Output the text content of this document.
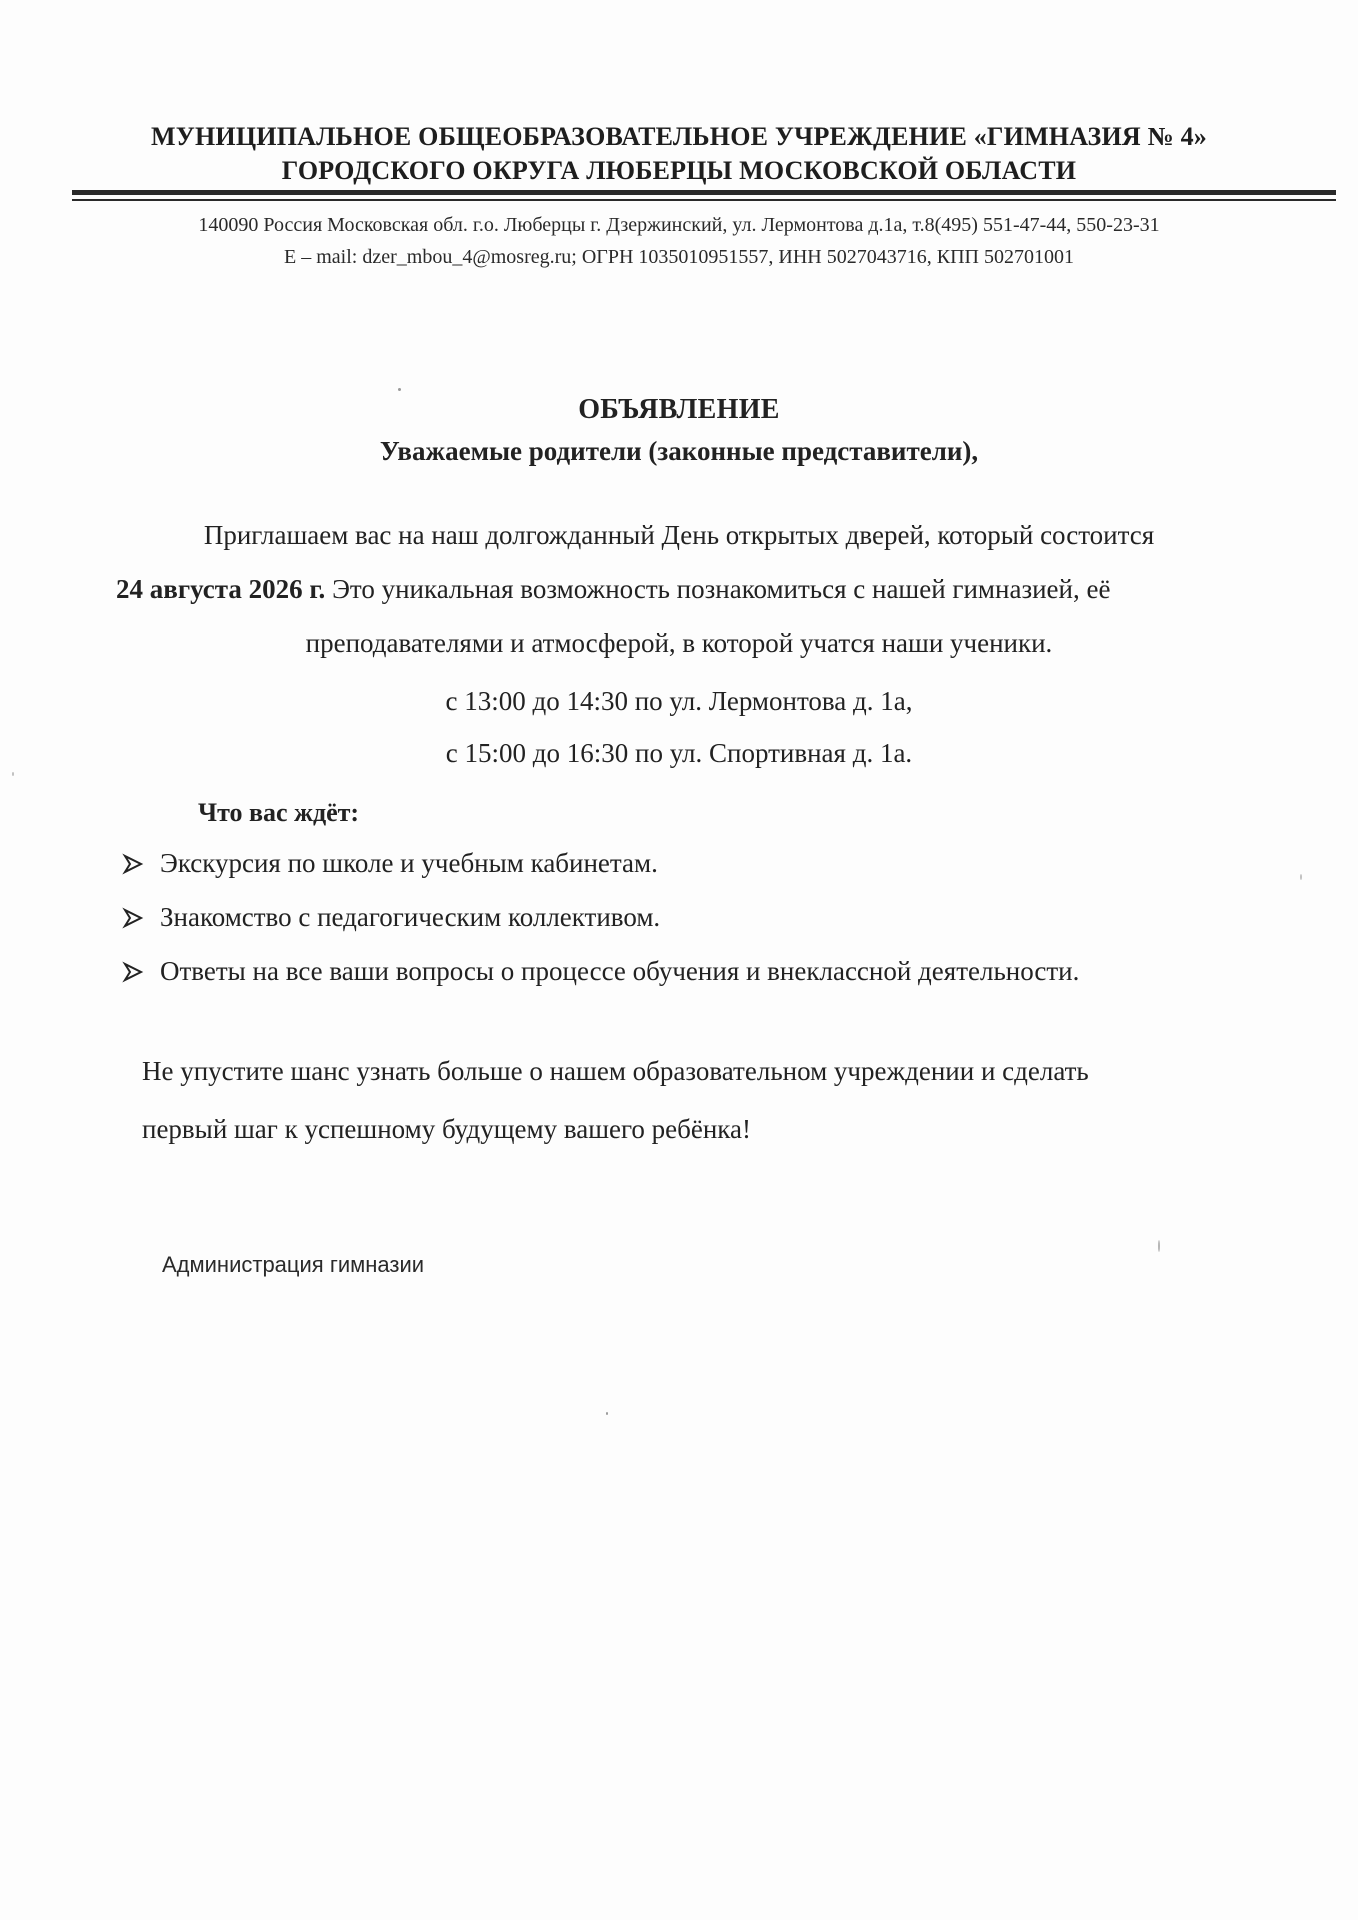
МУНИЦИПАЛЬНОЕ ОБЩЕОБРАЗОВАТЕЛЬНОЕ УЧРЕЖДЕНИЕ «ГИМНАЗИЯ № 4»
ГОРОДСКОГО ОКРУГА ЛЮБЕРЦЫ МОСКОВСКОЙ ОБЛАСТИ
140090 Россия Московская обл. г.о. Люберцы г. Дзержинский, ул. Лермонтова д.1а, т.8(495) 551-47-44, 550-23-31
E – mail: dzer_mbou_4@mosreg.ru; ОГРН 1035010951557, ИНН 5027043716, КПП 502701001
ОБЪЯВЛЕНИЕ
Уважаемые родители (законные представители),
Приглашаем вас на наш долгожданный День открытых дверей, который состоится
24 августа 2026 г. Это уникальная возможность познакомиться с нашей гимназией, её
преподавателями и атмосферой, в которой учатся наши ученики.
с 13:00 до 14:30 по ул. Лермонтова д. 1а,
с 15:00 до 16:30 по ул. Спортивная д. 1а.
Что вас ждёт:
Экскурсия по школе и учебным кабинетам.
Знакомство с педагогическим коллективом.
Ответы на все ваши вопросы о процессе обучения и внеклассной деятельности.
Не упустите шанс узнать больше о нашем образовательном учреждении и сделать
первый шаг к успешному будущему вашего ребёнка!
Администрация гимназии
